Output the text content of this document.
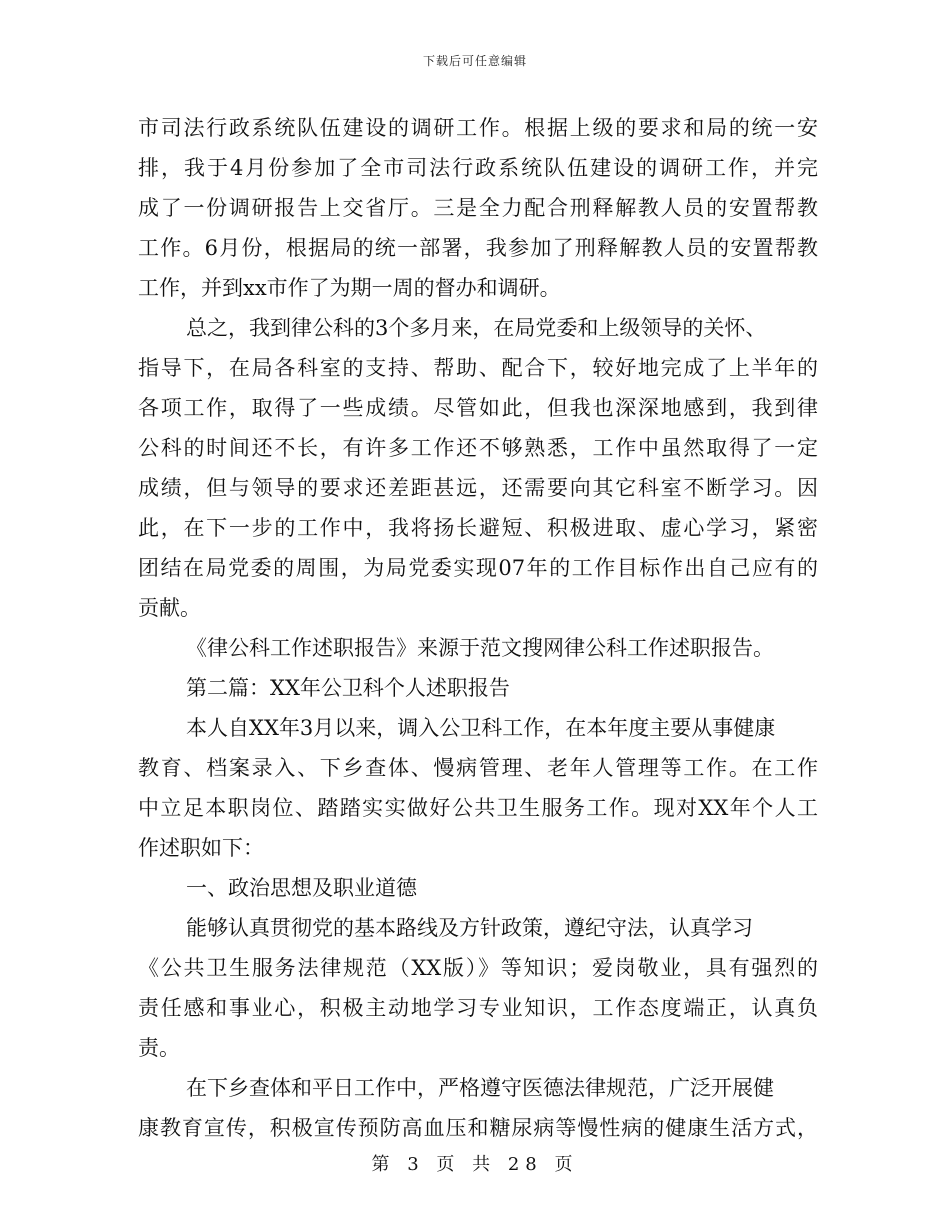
下载后可任意编辑
市司法行政系统队伍建设的调研工作。根据上级的要求和局的统一安
排，我于4月份参加了全市司法行政系统队伍建设的调研工作，并完
成了一份调研报告上交省厅。三是全力配合刑释解教人员的安置帮教
工作。6月份，根据局的统一部署，我参加了刑释解教人员的安置帮教
工作，并到xx市作了为期一周的督办和调研。
总之，我到律公科的3个多月来，在局党委和上级领导的关怀、
指导下，在局各科室的支持、帮助、配合下，较好地完成了上半年的
各项工作，取得了一些成绩。尽管如此，但我也深深地感到，我到律
公科的时间还不长，有许多工作还不够熟悉，工作中虽然取得了一定
成绩，但与领导的要求还差距甚远，还需要向其它科室不断学习。因
此，在下一步的工作中，我将扬长避短、积极进取、虚心学习，紧密
团结在局党委的周围，为局党委实现07年的工作目标作出自己应有的
贡献。
《律公科工作述职报告》来源于范文搜网律公科工作述职报告。
第二篇：XX年公卫科个人述职报告
本人自XX年3月以来，调入公卫科工作，在本年度主要从事健康
教育、档案录入、下乡查体、慢病管理、老年人管理等工作。在工作
中立足本职岗位、踏踏实实做好公共卫生服务工作。现对XX年个人工
作述职如下：
一、政治思想及职业道德
能够认真贯彻党的基本路线及方针政策，遵纪守法，认真学习
《公共卫生服务法律规范（XX版）》等知识；爱岗敬业，具有强烈的
责任感和事业心，积极主动地学习专业知识，工作态度端正，认真负
责。
在下乡查体和平日工作中，严格遵守医德法律规范，广泛开展健
康教育宣传，积极宣传预防高血压和糖尿病等慢性病的健康生活方式，
第 3 页 共 28 页
